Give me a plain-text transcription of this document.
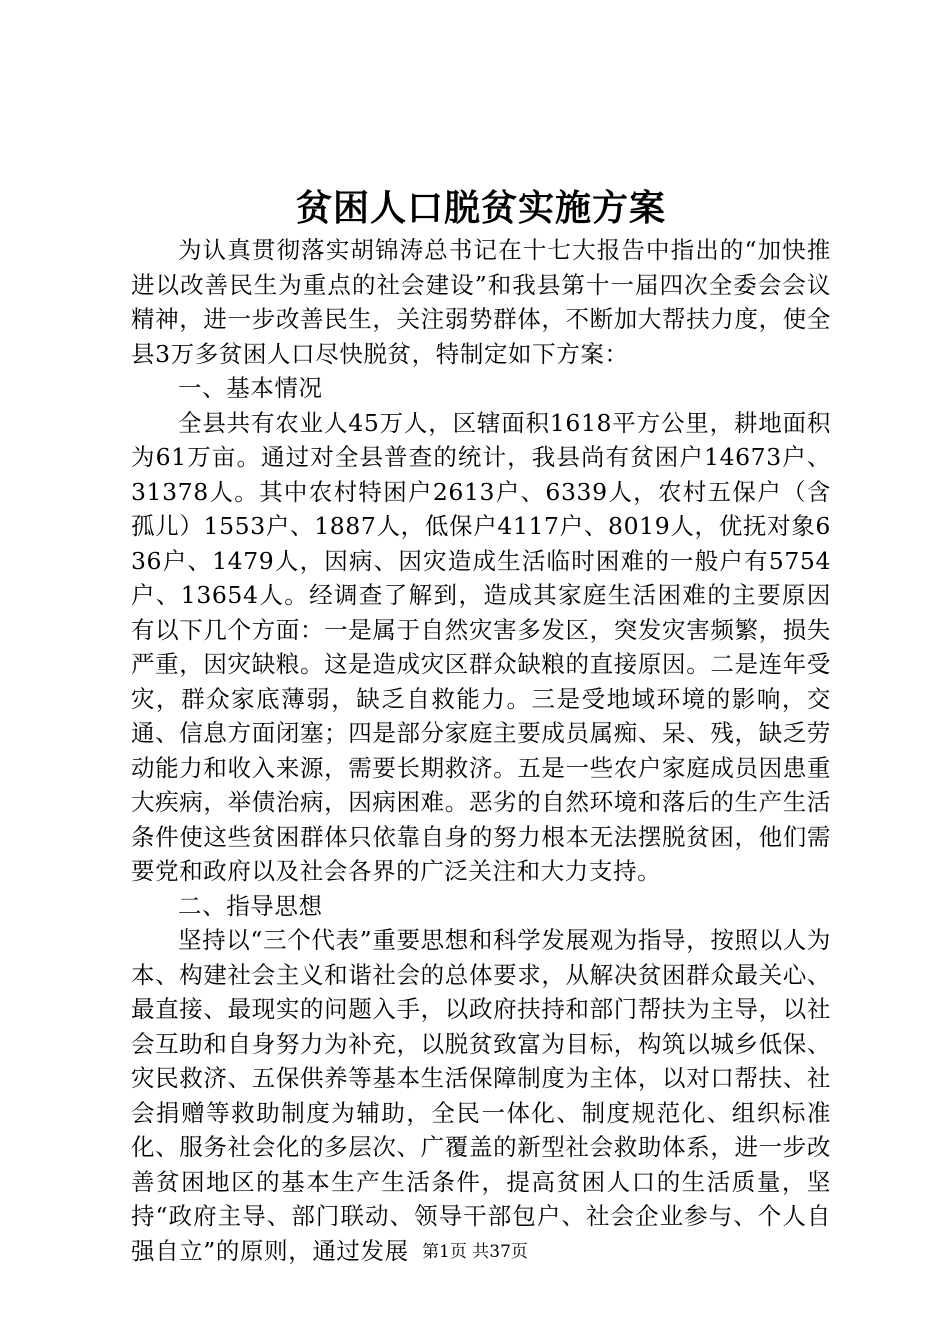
贫困人口脱贫实施方案

为认真贯彻落实胡锦涛总书记在十七大报告中指出的“加快推进以改善民生为重点的社会建设”和我县第十一届四次全委会会议精神，进一步改善民生，关注弱势群体，不断加大帮扶力度，使全县3万多贫困人口尽快脱贫，特制定如下方案：

一、基本情况

全县共有农业人45万人，区辖面积1618平方公里，耕地面积为61万亩。通过对全县普查的统计，我县尚有贫困户14673户、31378人。其中农村特困户2613户、6339人，农村五保户（含孤儿）1553户、1887人，低保户4117户、8019人，优抚对象636户、1479人，因病、因灾造成生活临时困难的一般户有5754户、13654人。经调查了解到，造成其家庭生活困难的主要原因有以下几个方面：一是属于自然灾害多发区，突发灾害频繁，损失严重，因灾缺粮。这是造成灾区群众缺粮的直接原因。二是连年受灾，群众家底薄弱，缺乏自救能力。三是受地域环境的影响，交通、信息方面闭塞；四是部分家庭主要成员属痴、呆、残，缺乏劳动能力和收入来源，需要长期救济。五是一些农户家庭成员因患重大疾病，举债治病，因病困难。恶劣的自然环境和落后的生产生活条件使这些贫困群体只依靠自身的努力根本无法摆脱贫困，他们需要党和政府以及社会各界的广泛关注和大力支持。

二、指导思想

坚持以“三个代表”重要思想和科学发展观为指导，按照以人为本、构建社会主义和谐社会的总体要求，从解决贫困群众最关心、最直接、最现实的问题入手，以政府扶持和部门帮扶为主导，以社会互助和自身努力为补充，以脱贫致富为目标，构筑以城乡低保、灾民救济、五保供养等基本生活保障制度为主体，以对口帮扶、社会捐赠等救助制度为辅助，全民一体化、制度规范化、组织标准化、服务社会化的多层次、广覆盖的新型社会救助体系，进一步改善贫困地区的基本生产生活条件，提高贫困人口的生活质量，坚持“政府主导、部门联动、领导干部包户、社会企业参与、个人自强自立”的原则，通过发展 第1页 共37页
